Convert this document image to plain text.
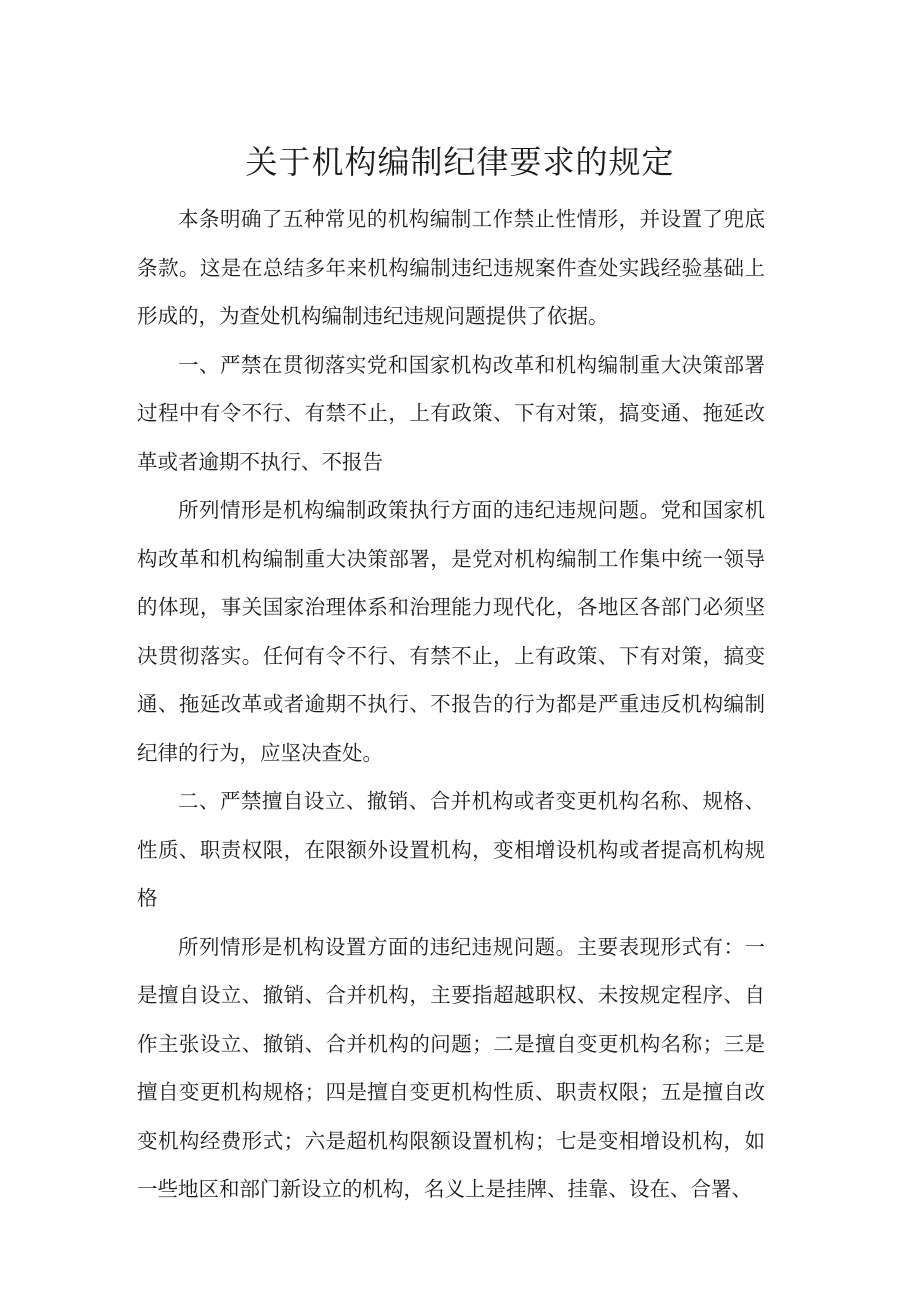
关于机构编制纪律要求的规定

本条明确了五种常见的机构编制工作禁止性情形，并设置了兜底条款。这是在总结多年来机构编制违纪违规案件查处实践经验基础上形成的，为查处机构编制违纪违规问题提供了依据。

一、严禁在贯彻落实党和国家机构改革和机构编制重大决策部署过程中有令不行、有禁不止，上有政策、下有对策，搞变通、拖延改革或者逾期不执行、不报告

所列情形是机构编制政策执行方面的违纪违规问题。党和国家机构改革和机构编制重大决策部署，是党对机构编制工作集中统一领导的体现，事关国家治理体系和治理能力现代化，各地区各部门必须坚决贯彻落实。任何有令不行、有禁不止，上有政策、下有对策，搞变通、拖延改革或者逾期不执行、不报告的行为都是严重违反机构编制纪律的行为，应坚决查处。

二、严禁擅自设立、撤销、合并机构或者变更机构名称、规格、性质、职责权限，在限额外设置机构，变相增设机构或者提高机构规格

所列情形是机构设置方面的违纪违规问题。主要表现形式有：一是擅自设立、撤销、合并机构，主要指超越职权、未按规定程序、自作主张设立、撤销、合并机构的问题；二是擅自变更机构名称；三是擅自变更机构规格；四是擅自变更机构性质、职责权限；五是擅自改变机构经费形式；六是超机构限额设置机构；七是变相增设机构，如一些地区和部门新设立的机构，名义上是挂牌、挂靠、设在、合署、
